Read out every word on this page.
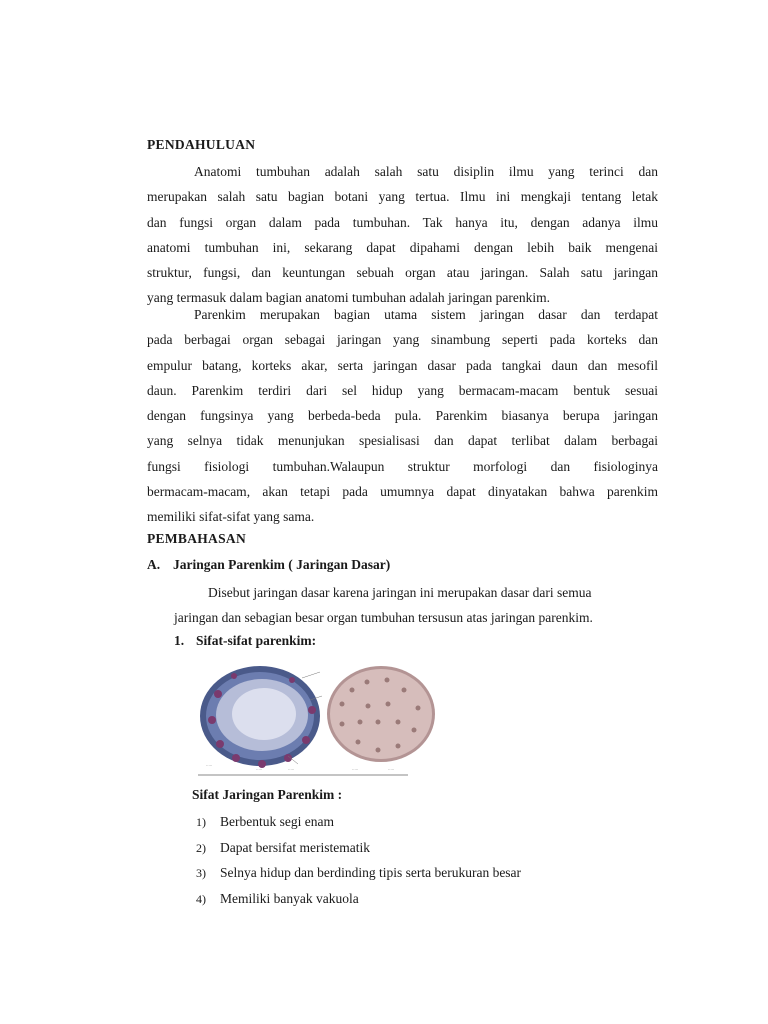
PENDAHULUAN
Anatomi tumbuhan adalah salah satu disiplin ilmu yang terinci dan
merupakan salah satu bagian botani yang tertua. Ilmu ini mengkaji tentang letak
dan fungsi organ dalam pada tumbuhan. Tak hanya itu, dengan adanya ilmu
anatomi tumbuhan ini, sekarang dapat dipahami dengan lebih baik mengenai
struktur, fungsi, dan keuntungan sebuah organ atau jaringan. Salah satu jaringan
yang termasuk dalam bagian anatomi tumbuhan adalah jaringan parenkim.
Parenkim merupakan bagian utama sistem jaringan dasar dan terdapat
pada berbagai organ sebagai jaringan yang sinambung seperti pada korteks dan
empulur batang, korteks akar, serta jaringan dasar pada tangkai daun dan mesofil
daun. Parenkim terdiri dari sel hidup yang bermacam-macam bentuk sesuai
dengan fungsinya yang berbeda-beda pula. Parenkim biasanya berupa jaringan
yang selnya tidak menunjukan spesialisasi dan dapat terlibat dalam berbagai
fungsi fisiologi tumbuhan.Walaupun struktur morfologi dan fisiologinya
bermacam-macam, akan tetapi pada umumnya dapat dinyatakan bahwa parenkim
memiliki sifat-sifat yang sama.
PEMBAHASAN
A. Jaringan Parenkim ( Jaringan Dasar)
Disebut jaringan dasar karena jaringan ini merupakan dasar dari semua
jaringan dan sebagian besar organ tumbuhan tersusun atas jaringan parenkim.
1. Sifat-sifat parenkim:
.....
.....	.....	.....	.....
Sifat Jaringan Parenkim :
1) Berbentuk segi enam
2) Dapat bersifat meristematik
3) Selnya hidup dan berdinding tipis serta berukuran besar
4) Memiliki banyak vakuola
